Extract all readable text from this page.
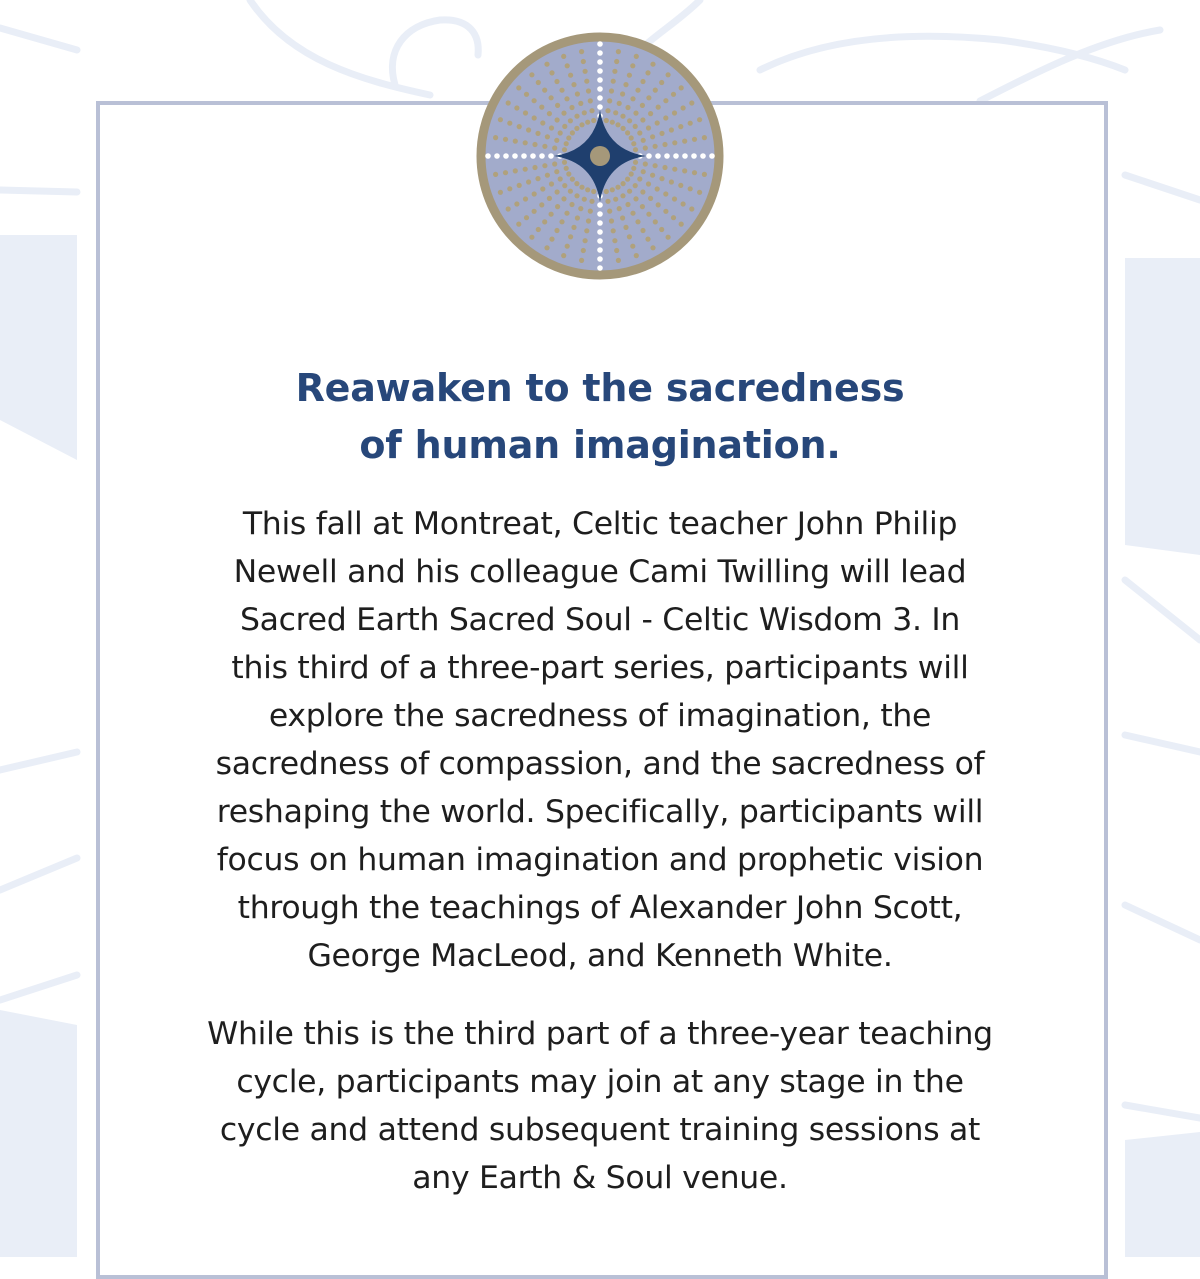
Reawaken to the sacredness
of human imagination.

This fall at Montreat, Celtic teacher John Philip
Newell and his colleague Cami Twilling will lead
Sacred Earth Sacred Soul - Celtic Wisdom 3. In
this third of a three-part series, participants will
explore the sacredness of imagination, the
sacredness of compassion, and the sacredness of
reshaping the world. Specifically, participants will
focus on human imagination and prophetic vision
through the teachings of Alexander John Scott,
George MacLeod, and Kenneth White.

While this is the third part of a three-year teaching
cycle, participants may join at any stage in the
cycle and attend subsequent training sessions at
any Earth & Soul venue.
